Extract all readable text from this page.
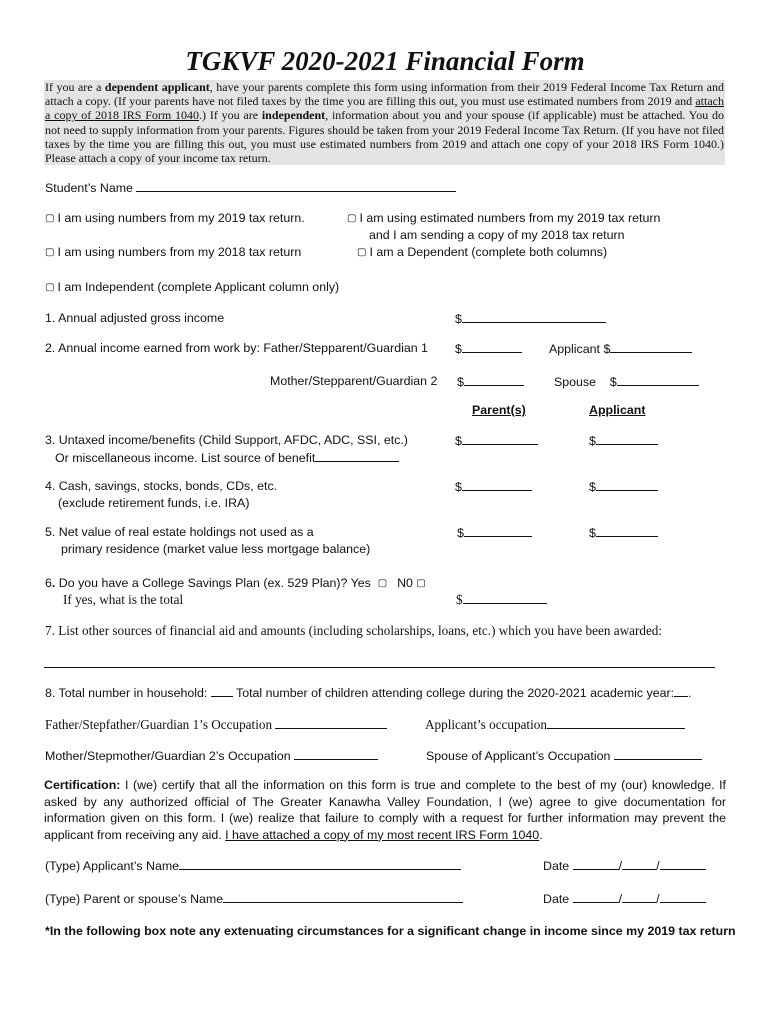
TGKVF 2020-2021 Financial Form

If you are a dependent applicant, have your parents complete this form using information from their 2019 Federal Income Tax Return and attach a copy. (If your parents have not filed taxes by the time you are filling this out, you must use estimated numbers from 2019 and attach a copy of 2018 IRS Form 1040.) If you are independent, information about you and your spouse (if applicable) must be attached. You do not need to supply information from your parents. Figures should be taken from your 2019 Federal Income Tax Return. (If you have not filed taxes by the time you are filling this out, you must use estimated numbers from 2019 and attach one copy of your 2018 IRS Form 1040.) Please attach a copy of your income tax return.

Student’s Name
▢ I am using numbers from my 2019 tax return.	▢ I am using estimated numbers from my 2019 tax return
and I am sending a copy of my 2018 tax return
▢ I am using numbers from my 2018 tax return	▢ I am a Dependent (complete both columns)
▢ I am Independent (complete Applicant column only)
1. Annual adjusted gross income	$
2. Annual income earned from work by: Father/Stepparent/Guardian 1 $	Applicant $
Mother/Stepparent/Guardian 2 $	Spouse $
Parent(s)	Applicant
3. Untaxed income/benefits (Child Support, AFDC, ADC, SSI, etc.)
Or miscellaneous income. List source of benefit
$	$
4. Cash, savings, stocks, bonds, CDs, etc.
(exclude retirement funds, i.e. IRA)
$	$
5. Net value of real estate holdings not used as a
primary residence (market value less mortgage balance)
$	$
6. Do you have a College Savings Plan (ex. 529 Plan)? Yes ▢ N0 ▢
If yes, what is the total	$
7. List other sources of financial aid and amounts (including scholarships, loans, etc.) which you have been awarded:
8. Total number in household:  Total number of children attending college during the 2020-2021 academic year: .
Father/Stepfather/Guardian 1’s Occupation	Applicant’s occupation
Mother/Stepmother/Guardian 2’s Occupation	Spouse of Applicant’s Occupation

Certification: I (we) certify that all the information on this form is true and complete to the best of my (our) knowledge. If asked by any authorized official of The Greater Kanawha Valley Foundation, I (we) agree to give documentation for information given on this form. I (we) realize that failure to comply with a request for further information may prevent the applicant from receiving any aid. I have attached a copy of my most recent IRS Form 1040.

(Type) Applicant’s Name	Date	/	/
(Type) Parent or spouse’s Name	Date	/	/
*In the following box note any extenuating circumstances for a significant change in income since my 2019 tax return
